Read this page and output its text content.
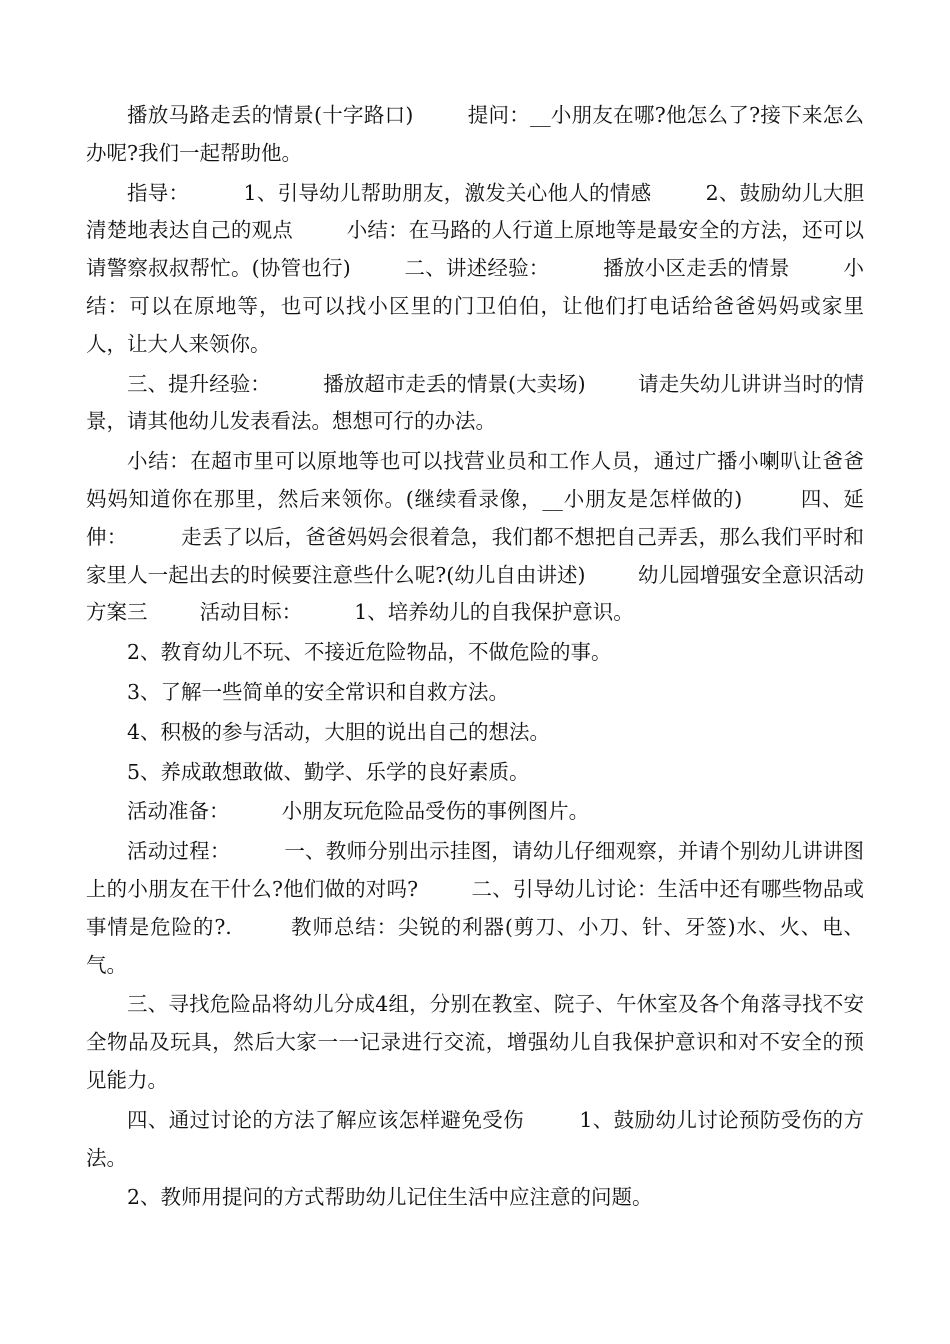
播放马路走丢的情景(十字路口)        提问：__小朋友在哪?他怎么了?接下来怎么办呢?我们一起帮助他。

指导：        1、引导幼儿帮助朋友，激发关心他人的情感        2、鼓励幼儿大胆清楚地表达自己的观点        小结：在马路的人行道上原地等是最安全的方法，还可以请警察叔叔帮忙。(协管也行)        二、讲述经验：        播放小区走丢的情景        小结：可以在原地等，也可以找小区里的门卫伯伯，让他们打电话给爸爸妈妈或家里人，让大人来领你。

三、提升经验：        播放超市走丢的情景(大卖场)        请走失幼儿讲讲当时的情景，请其他幼儿发表看法。想想可行的办法。

小结：在超市里可以原地等也可以找营业员和工作人员，通过广播小喇叭让爸爸妈妈知道你在那里，然后来领你。(继续看录像，__小朋友是怎样做的)        四、延伸：        走丢了以后，爸爸妈妈会很着急，我们都不想把自己弄丢，那么我们平时和家里人一起出去的时候要注意些什么呢?(幼儿自由讲述)        幼儿园增强安全意识活动方案三        活动目标：        1、培养幼儿的自我保护意识。

2、教育幼儿不玩、不接近危险物品，不做危险的事。

3、了解一些简单的安全常识和自救方法。

4、积极的参与活动，大胆的说出自己的想法。

5、养成敢想敢做、勤学、乐学的良好素质。

活动准备：        小朋友玩危险品受伤的事例图片。

活动过程：        一、教师分别出示挂图，请幼儿仔细观察，并请个别幼儿讲讲图上的小朋友在干什么?他们做的对吗?        二、引导幼儿讨论：生活中还有哪些物品或事情是危险的?.        教师总结：尖锐的利器(剪刀、小刀、针、牙签)水、火、电、气。

三、寻找危险品将幼儿分成4组，分别在教室、院子、午休室及各个角落寻找不安全物品及玩具，然后大家一一记录进行交流，增强幼儿自我保护意识和对不安全的预见能力。

四、通过讨论的方法了解应该怎样避免受伤        1、鼓励幼儿讨论预防受伤的方法。

2、教师用提问的方式帮助幼儿记住生活中应注意的问题。
